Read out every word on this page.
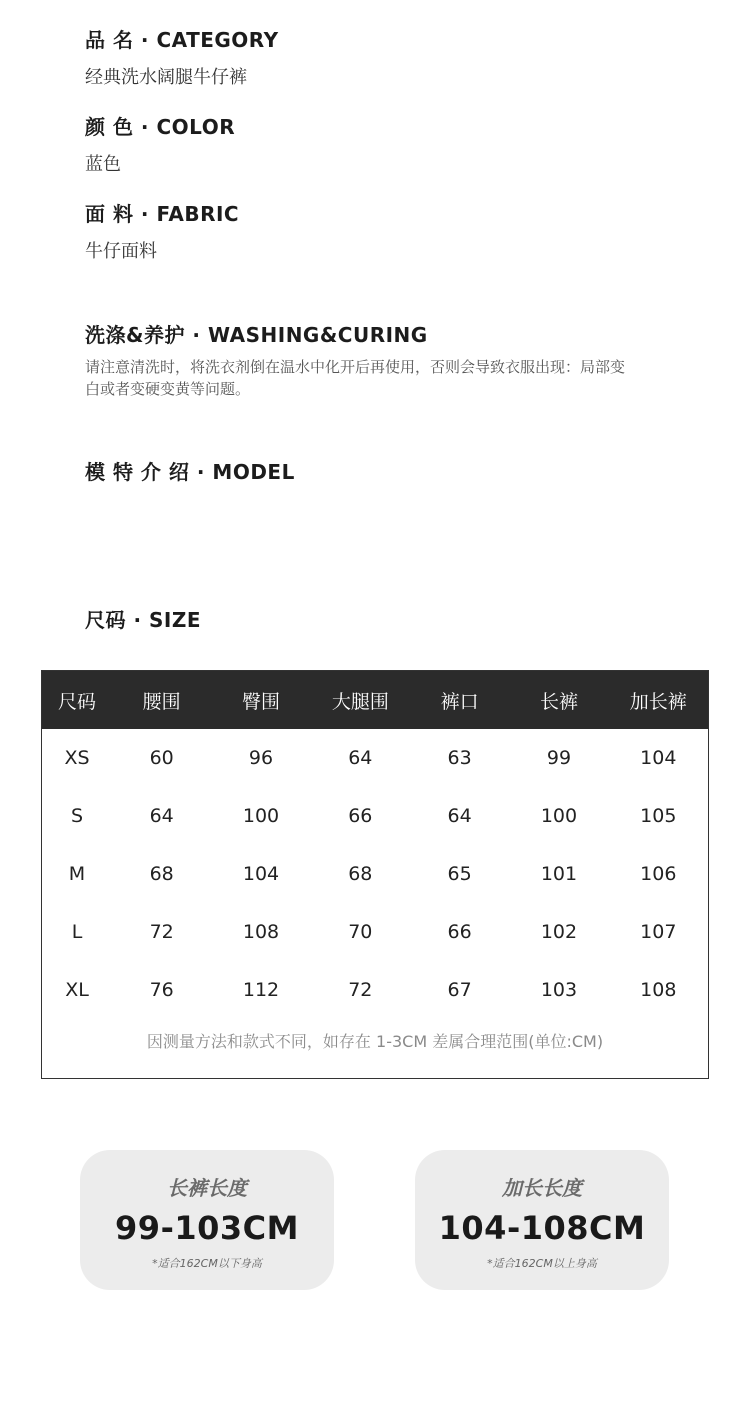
品 名 · CATEGORY
经典洗水阔腿牛仔裤
颜 色 · COLOR
蓝色
面 料 · FABRIC
牛仔面料
洗涤&养护 · WASHING&CURING
请注意清洗时，将洗衣剂倒在温水中化开后再使用，否则会导致衣服出现：局部变白或者变硬变黄等问题。
模 特 介 绍 · MODEL
尺码 · SIZE
尺码	腰围	臀围	大腿围	裤口	长裤	加长裤
XS	60	96	64	63	99	104
S	64	100	66	64	100	105
M	68	104	68	65	101	106
L	72	108	70	66	102	107
XL	76	112	72	67	103	108
因测量方法和款式不同，如存在 1-3CM 差属合理范围(单位:CM)
长裤长度
99-103CM
*适合162CM以下身高
加长长度
104-108CM
*适合162CM以上身高
